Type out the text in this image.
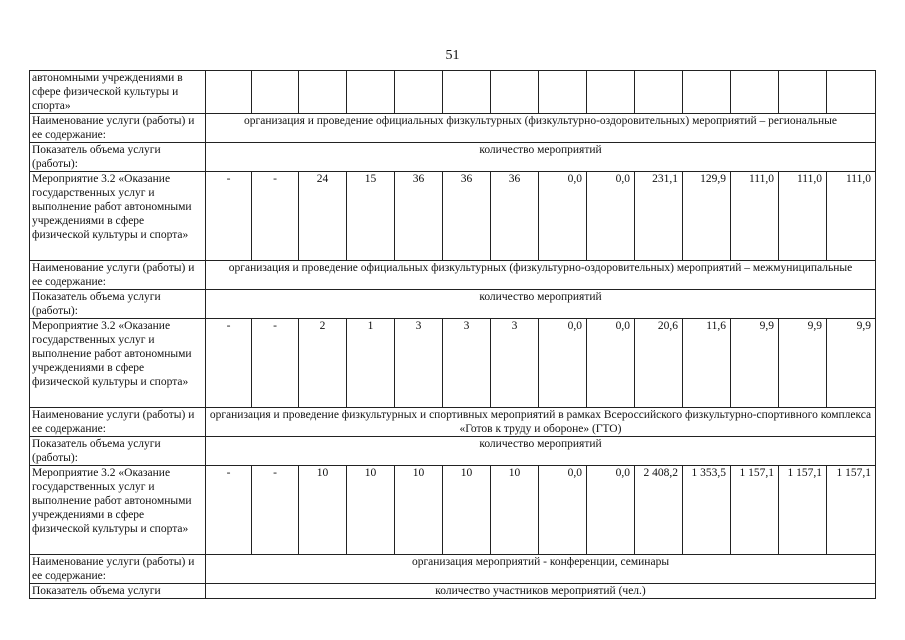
51
автономными учреждениями в сфере физической культуры и спорта»														
Наименование услуги (работы) и ее содержание:	организация и проведение официальных физкультурных (физкультурно-оздоровительных) мероприятий – региональные													
Показатель объема услуги (работы):	количество мероприятий													
Мероприятие 3.2 «Оказание государственных услуг и выполнение работ автономными учреждениями в сфере физической культуры и спорта»	-	-	24	15	36	36	36	0,0	0,0	231,1	129,9	111,0	111,0	111,0
Наименование услуги (работы) и ее содержание:	организация и проведение официальных физкультурных (физкультурно-оздоровительных) мероприятий – межмуниципальные													
Показатель объема услуги (работы):	количество мероприятий													
Мероприятие 3.2 «Оказание государственных услуг и выполнение работ автономными учреждениями в сфере физической культуры и спорта»	-	-	2	1	3	3	3	0,0	0,0	20,6	11,6	9,9	9,9	9,9
Наименование услуги (работы) и ее содержание:	организация и проведение физкультурных и спортивных мероприятий в рамках Всероссийского физкультурно-спортивного комплекса «Готов к труду и обороне» (ГТО)													
Показатель объема услуги (работы):	количество мероприятий													
Мероприятие 3.2 «Оказание государственных услуг и выполнение работ автономными учреждениями в сфере физической культуры и спорта»	-	-	10	10	10	10	10	0,0	0,0	2 408,2	1 353,5	1 157,1	1 157,1	1 157,1
Наименование услуги (работы) и ее содержание:	организация мероприятий - конференции, семинары													
Показатель объема услуги	количество участников мероприятий (чел.)													
